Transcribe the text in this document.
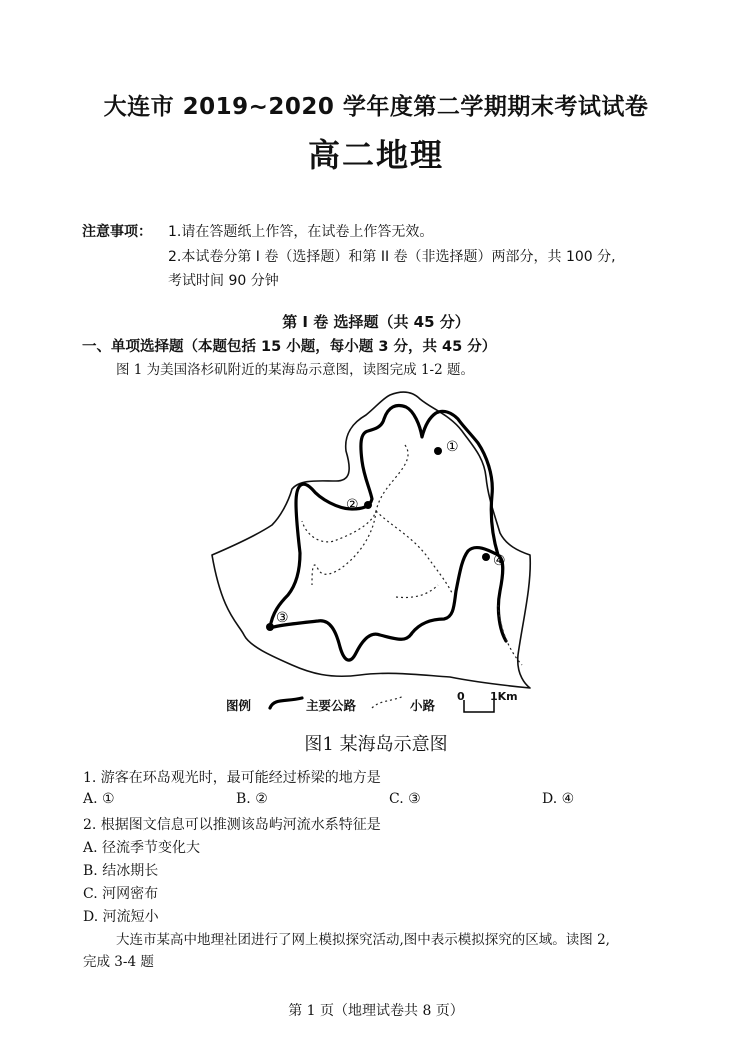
大连市 2019~2020 学年度第二学期期末考试试卷
高二地理
注意事项： 1.请在答题纸上作答，在试卷上作答无效。
2.本试卷分第 I 卷（选择题）和第 II 卷（非选择题）两部分，共 100 分,
考试时间 90 分钟
第 I 卷 选择题（共 45 分）
一、单项选择题（本题包括 15 小题，每小题 3 分，共 45 分）
图 1 为美国洛杉矶附近的某海岛示意图，读图完成 1-2 题。
①
②
③
④
图例	主要公路	小路
0 1Km
图1 某海岛示意图
1. 游客在环岛观光时，最可能经过桥梁的地方是
A. ①	B. ②	C. ③	D. ④
2. 根据图文信息可以推测该岛屿河流水系特征是
A. 径流季节变化大
B. 结冰期长
C. 河网密布
D. 河流短小
大连市某高中地理社团进行了网上模拟探究活动,图中表示模拟探究的区域。读图 2,
完成 3-4 题
第 1 页（地理试卷共 8 页）
